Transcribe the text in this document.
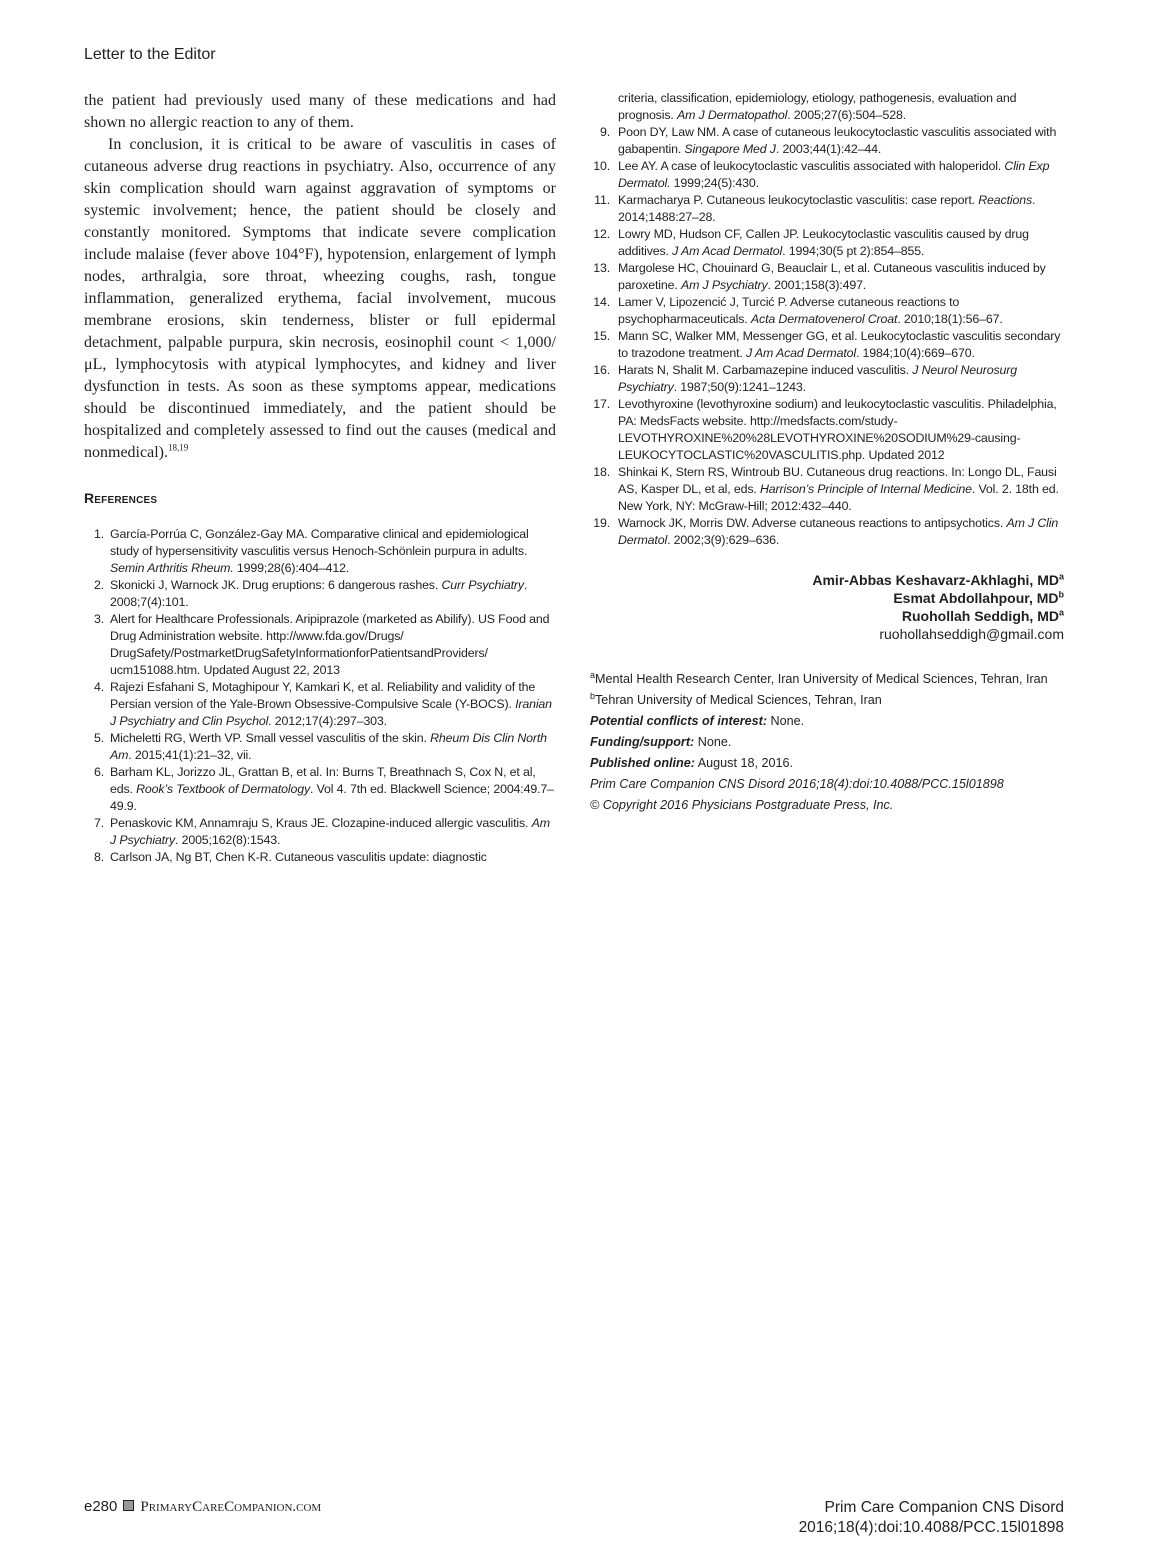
Letter to the Editor

the patient had previously used many of these medications and had shown no allergic reaction to any of them.

In conclusion, it is critical to be aware of vasculitis in cases of cutaneous adverse drug reactions in psychiatry. Also, occurrence of any skin complication should warn against aggravation of symptoms or systemic involvement; hence, the patient should be closely and constantly monitored. Symptoms that indicate severe complication include malaise (fever above 104°F), hypotension, enlargement of lymph nodes, arthralgia, sore throat, wheezing coughs, rash, tongue inflammation, generalized erythema, facial involvement, mucous membrane erosions, skin tenderness, blister or full epidermal detachment, palpable purpura, skin necrosis, eosinophil count < 1,000/μL, lymphocytosis with atypical lymphocytes, and kidney and liver dysfunction in tests. As soon as these symptoms appear, medications should be discontinued immediately, and the patient should be hospitalized and completely assessed to find out the causes (medical and nonmedical).$^{18,19}$

References
1. García-Porrúa C, González-Gay MA. Comparative clinical and epidemiological study of hypersensitivity vasculitis versus Henoch-Schönlein purpura in adults. Semin Arthritis Rheum. 1999;28(6):404–412.
2. Skonicki J, Warnock JK. Drug eruptions: 6 dangerous rashes. Curr Psychiatry. 2008;7(4):101.
3. Alert for Healthcare Professionals. Aripiprazole (marketed as Abilify). US Food and Drug Administration website. http://www.fda.gov/Drugs/ DrugSafety/PostmarketDrugSafetyInformationforPatientsandProviders/ ucm151088.htm. Updated August 22, 2013
4. Rajezi Esfahani S, Motaghipour Y, Kamkari K, et al. Reliability and validity of the Persian version of the Yale-Brown Obsessive-Compulsive Scale (Y-BOCS). Iranian J Psychiatry and Clin Psychol. 2012;17(4):297–303.
5. Micheletti RG, Werth VP. Small vessel vasculitis of the skin. Rheum Dis Clin North Am. 2015;41(1):21–32, vii.
6. Barham KL, Jorizzo JL, Grattan B, et al. In: Burns T, Breathnach S, Cox N, et al, eds. Rook’s Textbook of Dermatology. Vol 4. 7th ed. Blackwell Science; 2004:49.7–49.9.
7. Penaskovic KM, Annamraju S, Kraus JE. Clozapine-induced allergic vasculitis. Am J Psychiatry. 2005;162(8):1543.
8. Carlson JA, Ng BT, Chen K-R. Cutaneous vasculitis update: diagnostic
criteria, classification, epidemiology, etiology, pathogenesis, evaluation and prognosis. Am J Dermatopathol. 2005;27(6):504–528.
9. Poon DY, Law NM. A case of cutaneous leukocytoclastic vasculitis associated with gabapentin. Singapore Med J. 2003;44(1):42–44.
10. Lee AY. A case of leukocytoclastic vasculitis associated with haloperidol. Clin Exp Dermatol. 1999;24(5):430.
11. Karmacharya P. Cutaneous leukocytoclastic vasculitis: case report. Reactions. 2014;1488:27–28.
12. Lowry MD, Hudson CF, Callen JP. Leukocytoclastic vasculitis caused by drug additives. J Am Acad Dermatol. 1994;30(5 pt 2):854–855.
13. Margolese HC, Chouinard G, Beauclair L, et al. Cutaneous vasculitis induced by paroxetine. Am J Psychiatry. 2001;158(3):497.
14. Lamer V, Lipozencić J, Turcić P. Adverse cutaneous reactions to psychopharmaceuticals. Acta Dermatovenerol Croat. 2010;18(1):56–67.
15. Mann SC, Walker MM, Messenger GG, et al. Leukocytoclastic vasculitis secondary to trazodone treatment. J Am Acad Dermatol. 1984;10(4):669–670.
16. Harats N, Shalit M. Carbamazepine induced vasculitis. J Neurol Neurosurg Psychiatry. 1987;50(9):1241–1243.
17. Levothyroxine (levothyroxine sodium) and leukocytoclastic vasculitis. Philadelphia, PA: MedsFacts website. http://medsfacts.com/study-LEVOTHYROXINE%20%28LEVOTHYROXINE%20SODIUM%29-causing-LEUKOCYTOCLASTIC%20VASCULITIS.php. Updated 2012
18. Shinkai K, Stern RS, Wintroub BU. Cutaneous drug reactions. In: Longo DL, Fausi AS, Kasper DL, et al, eds. Harrison’s Principle of Internal Medicine. Vol. 2. 18th ed. New York, NY: McGraw-Hill; 2012:432–440.
19. Warnock JK, Morris DW. Adverse cutaneous reactions to antipsychotics. Am J Clin Dermatol. 2002;3(9):629–636.
Amir-Abbas Keshavarz-Akhlaghi, $MD^a$
Esmat Abdollahpour, $MD^b$
Ruohollah Seddigh, $MD^a$
ruohollahseddigh@gmail.com

$^a$Mental Health Research Center, Iran University of Medical Sciences, Tehran, Iran

$^b$Tehran University of Medical Sciences, Tehran, Iran

Potential conflicts of interest: None.

Funding/support: None.

Published online: August 18, 2016.

Prim Care Companion CNS Disord 2016;18(4):doi:10.4088/PCC.15l01898

© Copyright 2016 Physicians Postgraduate Press, Inc.

e280 PrimaryCareCompanion.com	Prim Care Companion CNS Disord
2016;18(4):doi:10.4088/PCC.15l01898
